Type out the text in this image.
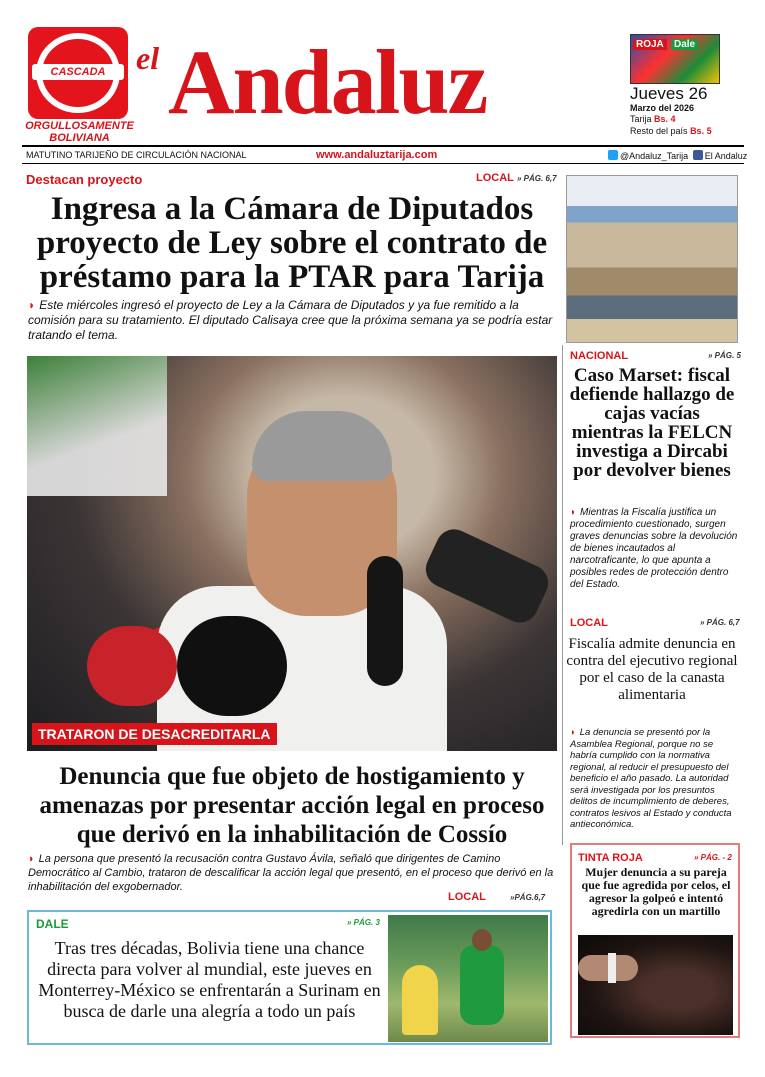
CASCADA
ORGULLOSAMENTE BOLIVIANA
el Andaluz	ROJA	Dale
Jueves 26
Marzo del 2026
Tarija Bs. 4
Resto del país Bs. 5
MATUTINO TARIJEÑO DE CIRCULACIÓN NACIONAL	www.andaluztarija.com	@Andaluz_Tarija El Andaluz
Destacan proyecto	LOCAL » PÁG. 6,7
Ingresa a la Cámara de Diputados proyecto de Ley sobre el contrato de préstamo para la PTAR para Tarija
◗ Este miércoles ingresó el proyecto de Ley a la Cámara de Diputados y ya fue remitido a la comisión para su tratamiento. El diputado Calisaya cree que la próxima semana ya se podría estar tratando el tema.
TRATARON DE DESACREDITARLA
Denuncia que fue objeto de hostigamiento y amenazas por presentar acción legal en proceso que derivó en la inhabilitación de Cossío
◗ La persona que presentó la recusación contra Gustavo Ávila, señaló que dirigentes de Camino Democrático al Cambio, trataron de descalificar la acción legal que presentó, en el proceso que derivó en la inhabilitación del exgobernador.
LOCAL	»PÁG.6,7
DALE	» PÁG. 3
Tras tres décadas, Bolivia tiene una chance directa para volver al mundial, este jueves en Monterrey-México se enfrentarán a Surinam en busca de darle una alegría a todo un país
NACIONAL	» PÁG. 5
Caso Marset: fiscal defiende hallazgo de cajas vacías mientras la FELCN investiga a Dircabi por devolver bienes
◗ Mientras la Fiscalía justifica un procedimiento cuestionado, surgen graves denuncias sobre la devolución de bienes incautados al narcotraficante, lo que apunta a posibles redes de protección dentro del Estado.
LOCAL	» PÁG. 6,7
Fiscalía admite denuncia en contra del ejecutivo regional por el caso de la canasta alimentaria
◗ La denuncia se presentó por la Asamblea Regional, porque no se habría cumplido con la normativa regional, al reducir el presupuesto del beneficio el año pasado. La autoridad será investigada por los presuntos delitos de incumplimiento de deberes, contratos lesivos al Estado y conducta antieconómica.
TINTA ROJA	» PÁG. - 2
Mujer denuncia a su pareja que fue agredida por celos, el agresor la golpeó e intentó agredirla con un martillo
